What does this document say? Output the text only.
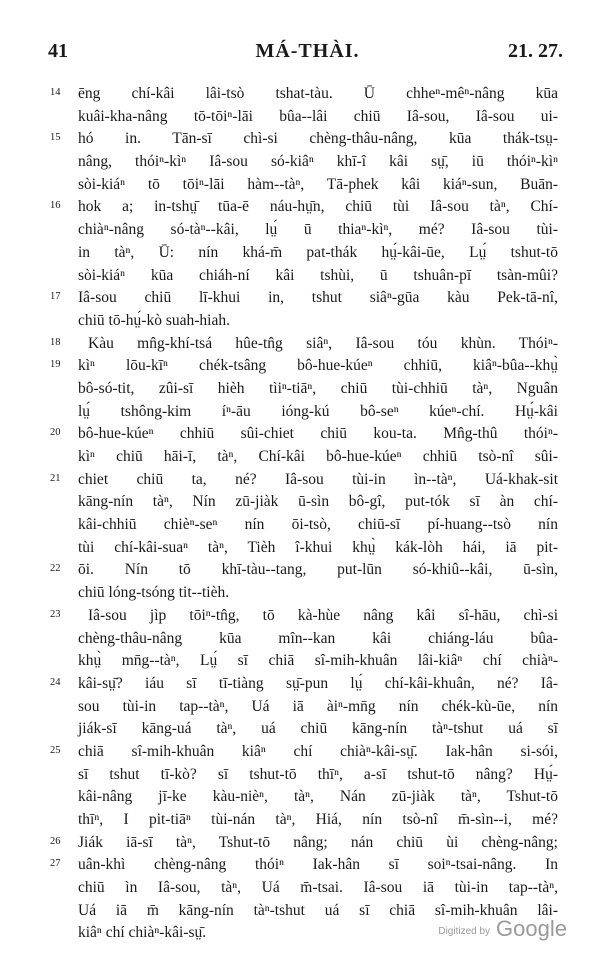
41	MÁ-THÀI.	21. 27.
14	ēng chí-kâi lâi-tsò tshat-tàu. Ū chheⁿ-mêⁿ-nâng kūa
kuâi-kha-nâng tō-tōiⁿ-lāi bûa--lâi chiū Iâ-sou, Iâ-sou ui-
15	hó in. Tān-sī chì-si chèng-thâu-nâng, kūa thák-tsṳ-
nâng, thóiⁿ-kìⁿ Iâ-sou só-kiâⁿ khī-î kâi sṳ̄, iū thóiⁿ-kìⁿ
sòi-kiáⁿ tō tōiⁿ-lāi hàm--tàⁿ, Tā-phek kâi kiáⁿ-sun, Buān-
16	hok a; in-tshṳ̄ tūa-ē náu-hṳ̄n, chiū tùi Iâ-sou tàⁿ, Chí-
chiàⁿ-nâng só-tàⁿ--kâi, lṳ́ ū thiaⁿ-kìⁿ, mé? Iâ-sou tùi-
in tàⁿ, Ū: nín khá-m̄ pat-thák hṳ́-kâi-ūe, Lṳ́ tshut-tō
sòi-kiáⁿ kūa chiáh-ní kâi tshùi, ū tshuân-pī tsàn-mûi?
17	Iâ-sou chiū lī-khui in, tshut siâⁿ-gūa kàu Pek-tā-nî,
chiū tō-hṳ́-kò suah-hiah.
18	Kàu mn̂g-khí-tsá hûe-tn̂g siâⁿ, Iâ-sou tóu khùn. Thóiⁿ-
19	kìⁿ lōu-kīⁿ chék-tsâng bô-hue-kúeⁿ chhiū, kiâⁿ-bûa--khṳ̀
bô-só-tit, zûi-sī hièh tìiⁿ-tiāⁿ, chiū tùi-chhiū tàⁿ, Nguân
lṳ́ tshông-kim íⁿ-āu ióng-kú bô-seⁿ kúeⁿ-chí. Hṳ́-kâi
20	bô-hue-kúeⁿ chhiū sûi-chiet chiū kou-ta. Mn̂g-thû thóiⁿ-
kìⁿ chiū hāi-ī, tàⁿ, Chí-kâi bô-hue-kúeⁿ chhiū tsò-nî sûi-
21	chiet chiū ta, né? Iâ-sou tùi-in ìn--tàⁿ, Uá-khak-sit
kāng-nín tàⁿ, Nín zū-jiàk ū-sìn bô-gî, put-tók sī àn chí-
kâi-chhiū chièⁿ-seⁿ nín ōi-tsò, chiū-sī pí-huang--tsò nín
tùi chí-kâi-suaⁿ tàⁿ, Tièh î-khui khṳ̀ kák-lòh hái, iā pit-
22	ōi. Nín tō khī-tàu--tang, put-lūn só-khiû--kâi, ū-sìn,
chiū lóng-tsóng tit--tièh.
23	Iâ-sou jìp tōiⁿ-tn̂g, tō kà-hùe nâng kâi sî-hāu, chì-si
chèng-thâu-nâng kūa mîn--kan kâi chiáng-láu bûa-
khṳ̀ mn̄g--tàⁿ, Lṳ́ sī chiā sî-mih-khuân lâi-kiâⁿ chí chiàⁿ-
24	kâi-sṳ̄? iáu sī tī-tiàng sṳ̄-pun lṳ́ chí-kâi-khuân, né? Iâ-
sou tùi-in tap--tàⁿ, Uá iā àiⁿ-mn̄g nín chék-kù-ūe, nín
jiák-sī kāng-uá tàⁿ, uá chiū kāng-nín tàⁿ-tshut uá sī
25	chiā sî-mih-khuân kiâⁿ chí chiàⁿ-kâi-sṳ̄. Iak-hân si-sói,
sī tshut tī-kò? sī tshut-tō thīⁿ, a-sī tshut-tō nâng? Hṳ́-
kâi-nâng jī-ke kàu-nièⁿ, tàⁿ, Nán zū-jiàk tàⁿ, Tshut-tō
thīⁿ, I pit-tiāⁿ tùi-nán tàⁿ, Hiá, nín tsò-nî m̄-sìn--i, mé?
26	Jiák iā-sī tàⁿ, Tshut-tō nâng; nán chiū ùi chèng-nâng;
27	uân-khì chèng-nâng thóiⁿ Iak-hân sī soiⁿ-tsai-nâng. In
chiū ìn Iâ-sou, tàⁿ, Uá m̄-tsai. Iâ-sou iā tùi-in tap--tàⁿ,
Uá iā m̄ kāng-nín tàⁿ-tshut uá sī chiā sî-mih-khuân lâi-
kiâⁿ chí chiàⁿ-kâi-sṳ̄.	Digitized by Google
